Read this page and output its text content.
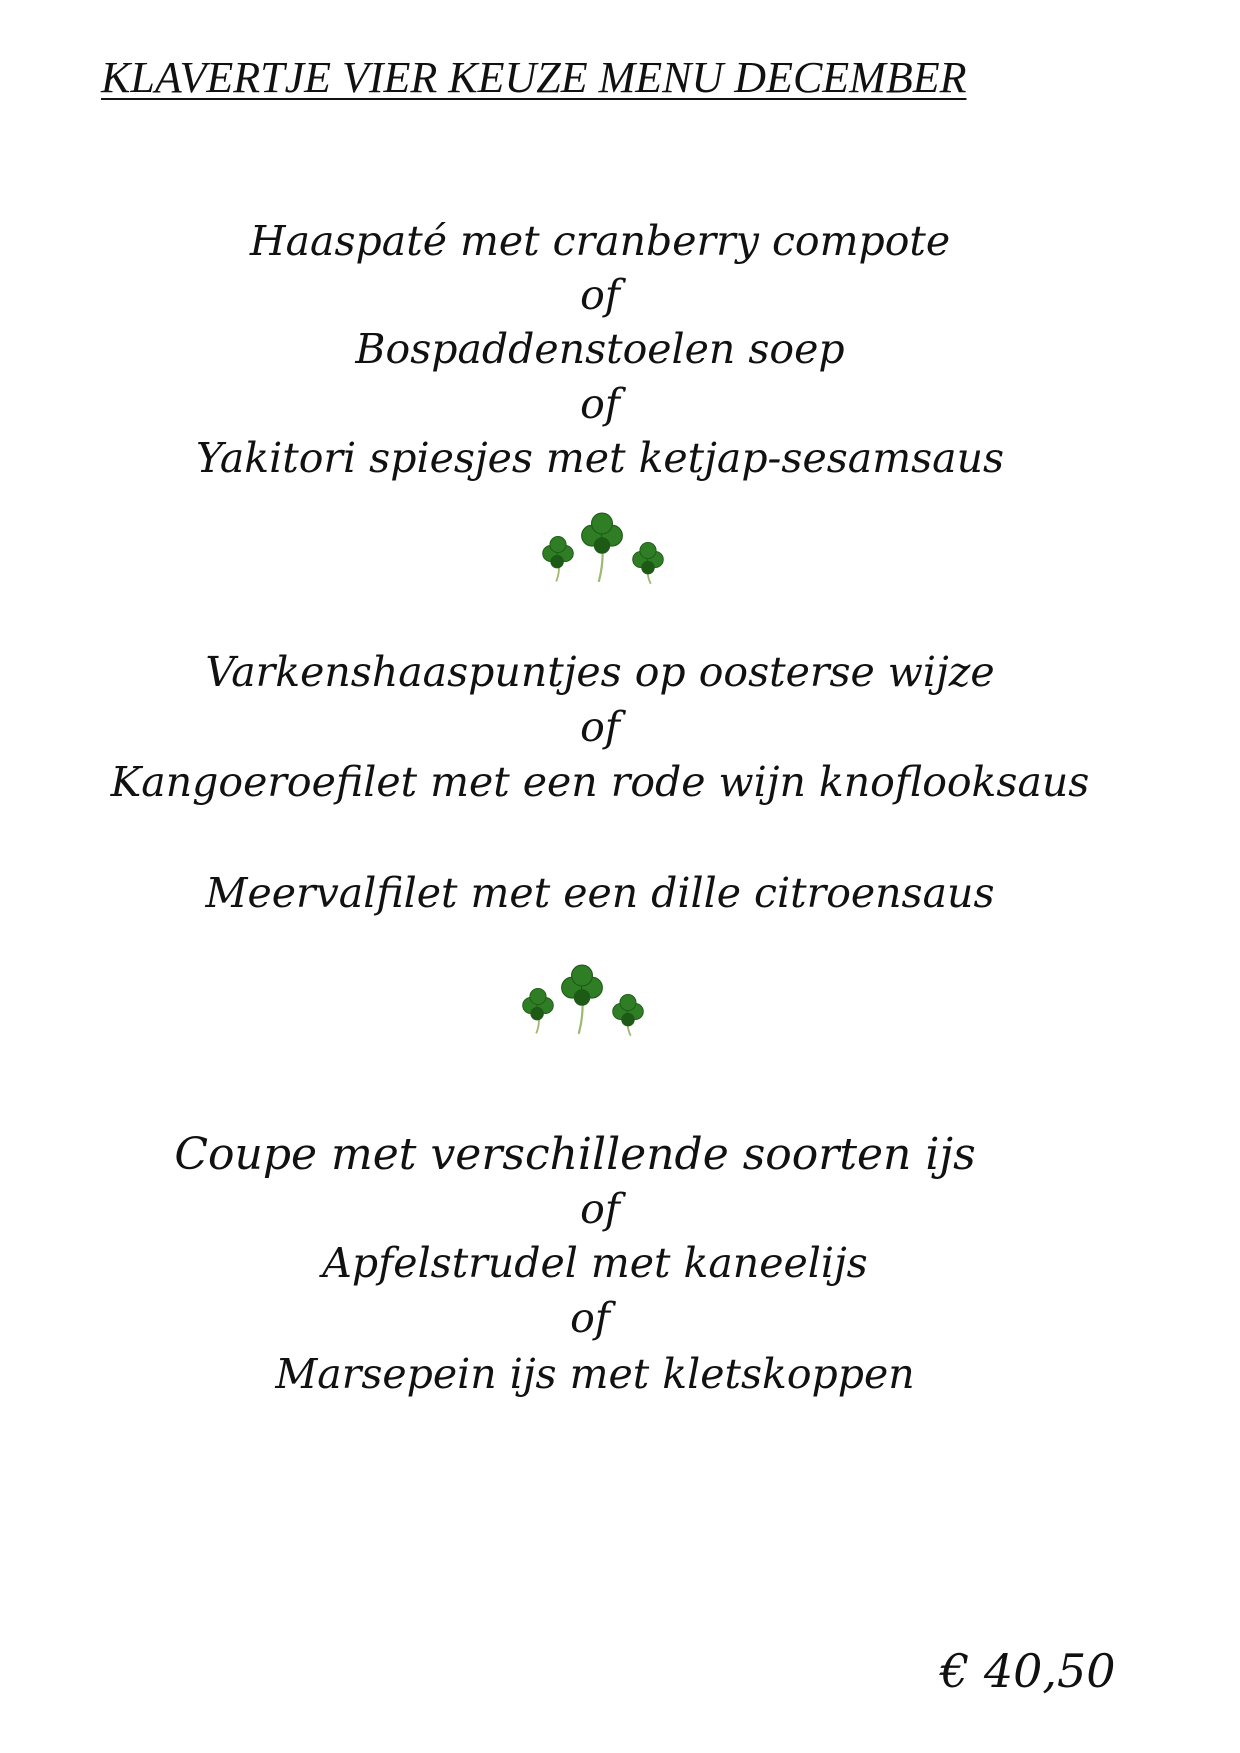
KLAVERTJE VIER KEUZE MENU DECEMBER

Haaspaté met cranberry compote

of

Bospaddenstoelen soep

of

Yakitori spiesjes met ketjap-sesamsaus

Varkenshaaspuntjes op oosterse wijze

of

Kangoeroefilet met een rode wijn knoflooksaus

Meervalfilet met een dille citroensaus

Coupe met verschillende soorten ijs

of

Apfelstrudel met kaneelijs

of

Marsepein ijs met kletskoppen

€ 40,50
